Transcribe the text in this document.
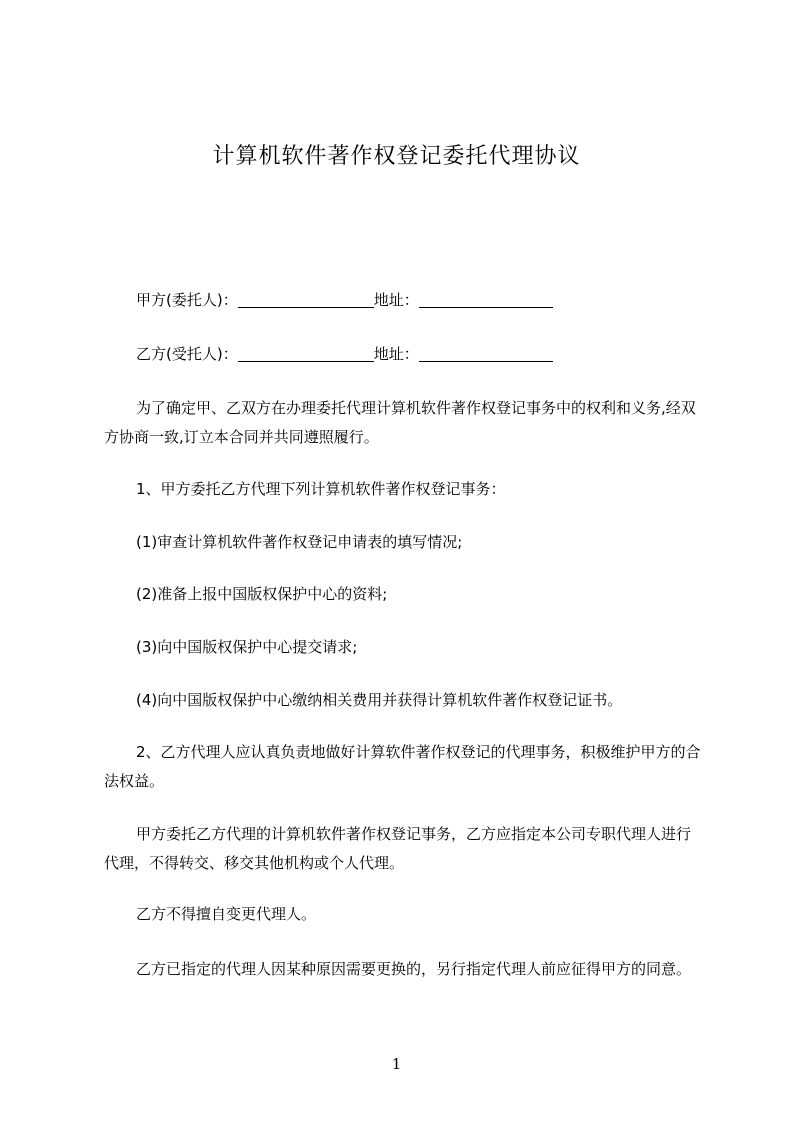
计算机软件著作权登记委托代理协议

甲方(委托人)：	地址：

乙方(受托人)：	地址：

为了确定甲、乙双方在办理委托代理计算机软件著作权登记事务中的权利和义务,经双方协商一致,订立本合同并共同遵照履行。

1、甲方委托乙方代理下列计算机软件著作权登记事务：

(1)审查计算机软件著作权登记申请表的填写情况;

(2)准备上报中国版权保护中心的资料;

(3)向中国版权保护中心提交请求;

(4)向中国版权保护中心缴纳相关费用并获得计算机软件著作权登记证书。

2、乙方代理人应认真负责地做好计算软件著作权登记的代理事务，积极维护甲方的合法权益。

甲方委托乙方代理的计算机软件著作权登记事务，乙方应指定本公司专职代理人进行代理，不得转交、移交其他机构或个人代理。

乙方不得擅自变更代理人。

乙方已指定的代理人因某种原因需要更换的，另行指定代理人前应征得甲方的同意。

1
